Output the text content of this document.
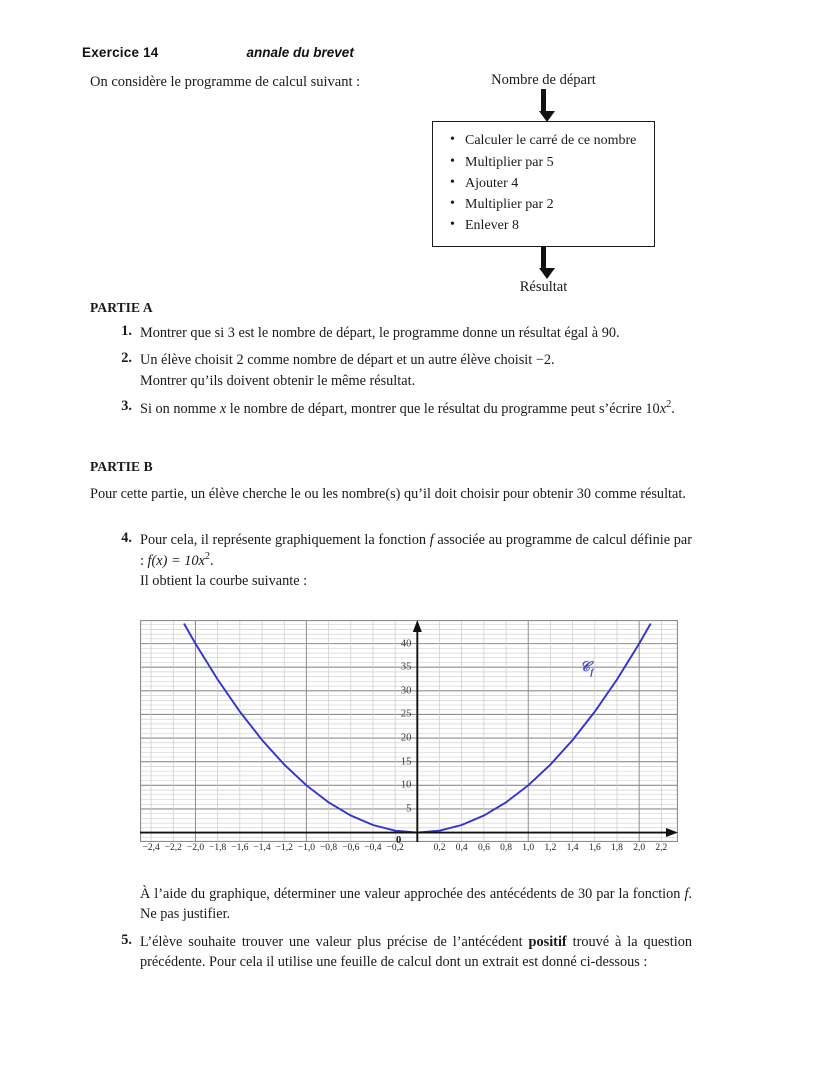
Exercice 14	annale du brevet
On considère le programme de calcul suivant :	Nombre de départ
• Calculer le carré de ce nombre
• Multiplier par 5
• Ajouter 4
• Multiplier par 2
• Enlever 8
Résultat
PARTIE A
1. Montrer que si 3 est le nombre de départ, le programme donne un résultat égal à 90.
2. Un élève choisit 2 comme nombre de départ et un autre élève choisit −2.
Montrer qu’ils doivent obtenir le même résultat.
3. Si on nomme x le nombre de départ, montrer que le résultat du programme peut s’écrire $10x^2$.
PARTIE B
Pour cette partie, un élève cherche le ou les nombre(s) qu’il doit choisir pour obtenir 30 comme résultat.
4. Pour cela, il représente graphiquement la fonction f associée au programme de calcul définie par : $f(x) = 10x^2$.
Il obtient la courbe suivante :
−2,4 −2,2 −2,0 −1,8 −1,6 −1,4 −1,2 −1,0 −0,8 −0,6 −0,4 −0,2	0,2 0,4 0,6 0,8 1,0 1,2 1,4 1,6 1,8 2,0 2,2
5
10
15
20
25
30
35
40
0
𝒞$_f$
À l’aide du graphique, déterminer une valeur approchée des antécédents de 30 par la fonction f. Ne pas justifier.
5. L’élève souhaite trouver une valeur plus précise de l’antécédent positif trouvé à la question précédente. Pour cela il utilise une feuille de calcul dont un extrait est donné ci-dessous :
